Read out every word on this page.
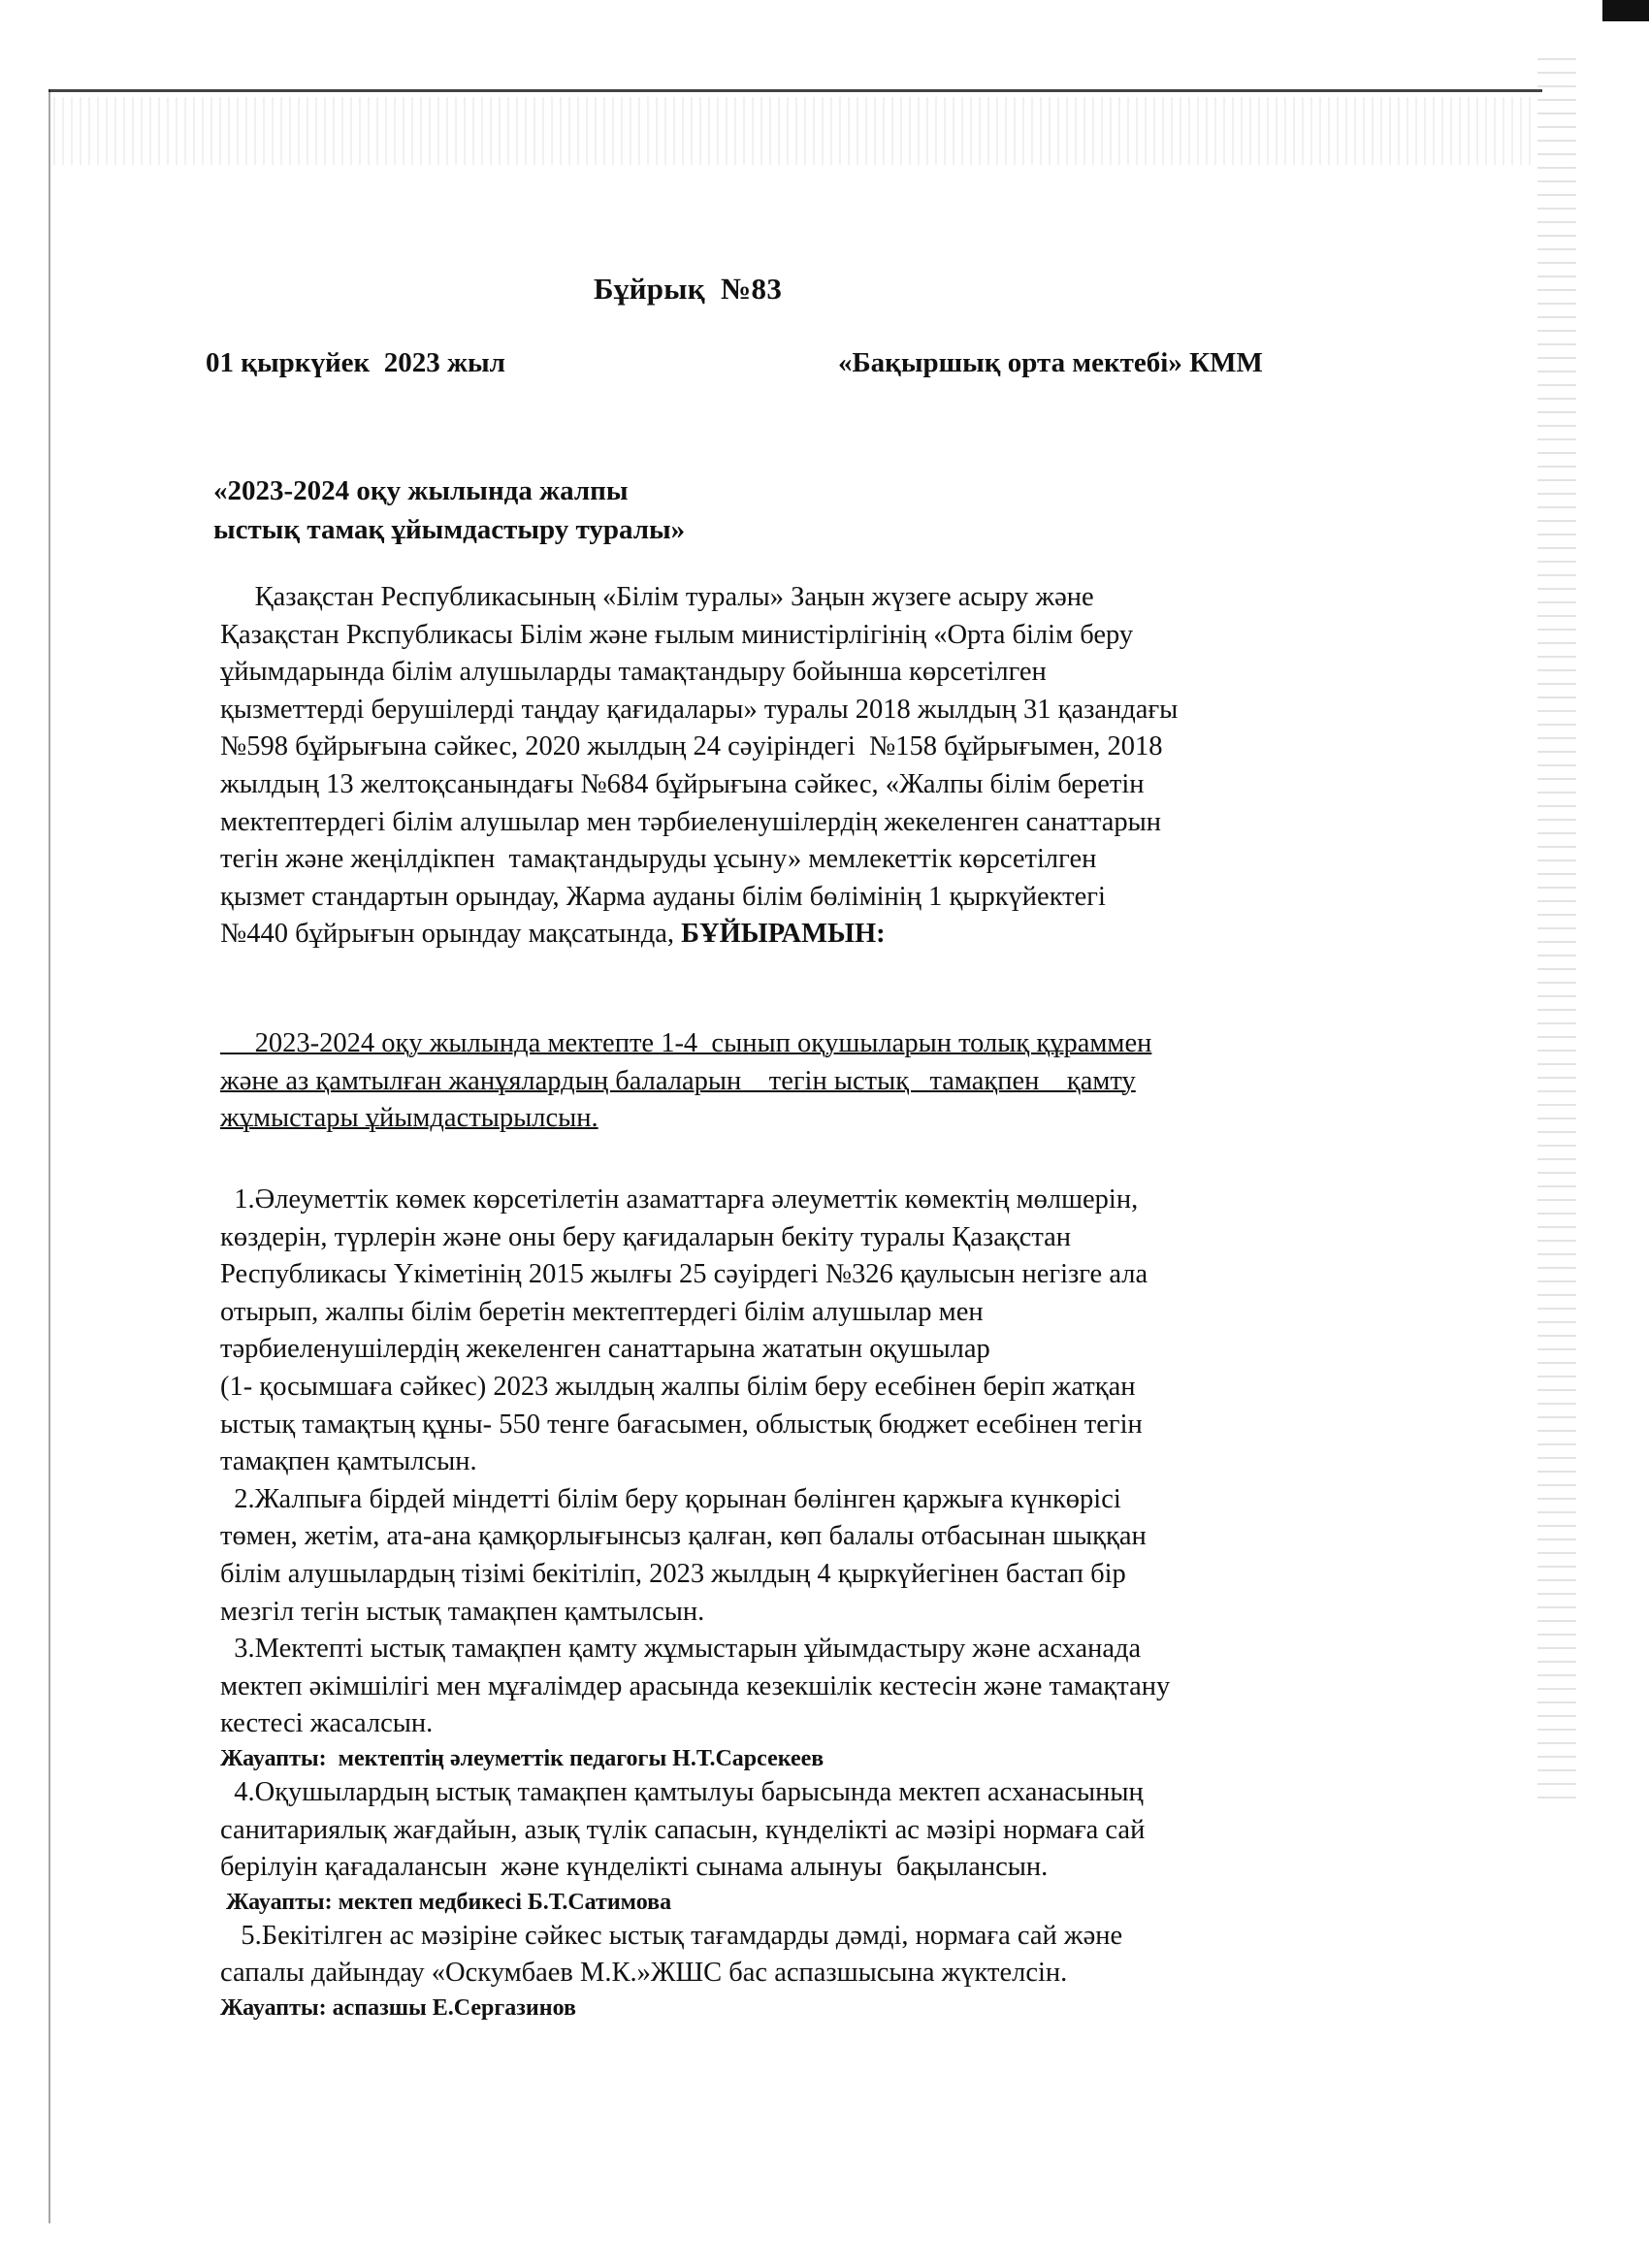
Бұйрық  №83
01 қыркүйек  2023 жыл	«Бақыршық орта мектебі» КММ
«2023-2024 оқу жылында жалпы
ыстық тамақ ұйымдастыру туралы»
Қазақстан Республикасының «Білім туралы» Заңын жүзеге асыру және
Қазақстан Ркспубликасы Білім және ғылым министірлігінің «Орта білім беру
ұйымдарында білім алушыларды тамақтандыру бойынша көрсетілген
қызметтерді берушілерді таңдау қағидалары» туралы 2018 жылдың 31 қазандағы
№598 бұйрығына сәйкес, 2020 жылдың 24 сәуіріндегі  №158 бұйрығымен, 2018
жылдың 13 желтоқсанындағы №684 бұйрығына сәйкес, «Жалпы білім беретін
мектептердегі білім алушылар мен тәрбиеленушілердің жекеленген санаттарын
тегін және жеңілдікпен  тамақтандыруды ұсыну» мемлекеттік көрсетілген
қызмет стандартын орындау, Жарма ауданы білім бөлімінің 1 қыркүйектегі
№440 бұйрығын орындау мақсатында, БҰЙЫРАМЫН:
2023-2024 оқу жылында мектепте 1-4  сынып оқушыларын толық құраммен
және аз қамтылған жанұялардың балаларын    тегін ыстық   тамақпен    қамту
жұмыстары ұйымдастырылсын.
1.Әлеуметтік көмек көрсетілетін азаматтарға әлеуметтік көмектің мөлшерін,
көздерін, түрлерін және оны беру қағидаларын бекіту туралы Қазақстан
Республикасы Үкіметінің 2015 жылғы 25 сәуірдегі №326 қаулысын негізге ала
отырып, жалпы білім беретін мектептердегі білім алушылар мен
тәрбиеленушілердің жекеленген санаттарына жататын оқушылар
(1- қосымшаға сәйкес) 2023 жылдың жалпы білім беру есебінен беріп жатқан
ыстық тамақтың құны- 550 тенге бағасымен, облыстық бюджет есебінен тегін
тамақпен қамтылсын.
2.Жалпыға бірдей міндетті білім беру қорынан бөлінген қаржыға күнкөрісі
төмен, жетім, ата-ана қамқорлығынсыз қалған, көп балалы отбасынан шыққан
білім алушылардың тізімі бекітіліп, 2023 жылдың 4 қыркүйегінен бастап бір
мезгіл тегін ыстық тамақпен қамтылсын.
3.Мектепті ыстық тамақпен қамту жұмыстарын ұйымдастыру және асханада
мектеп әкімшілігі мен мұғалімдер арасында кезекшілік кестесін және тамақтану
кестесі жасалсын.
Жауапты:  мектептің әлеуметтік педагогы Н.Т.Сарсекеев
4.Оқушылардың ыстық тамақпен қамтылуы барысында мектеп асханасының
санитариялық жағдайын, азық түлік сапасын, күнделікті ас мәзірі нормаға сай
берілуін қағадалансын  және күнделікті сынама алынуы  бақылансын.
Жауапты: мектеп медбикесі Б.Т.Сатимова
5.Бекітілген ас мәзіріне сәйкес ыстық тағамдарды дәмді, нормаға сай және
сапалы дайындау «Оскумбаев М.К.»ЖШС бас аспазшысына жүктелсін.
Жауапты: аспазшы Е.Сергазинов
